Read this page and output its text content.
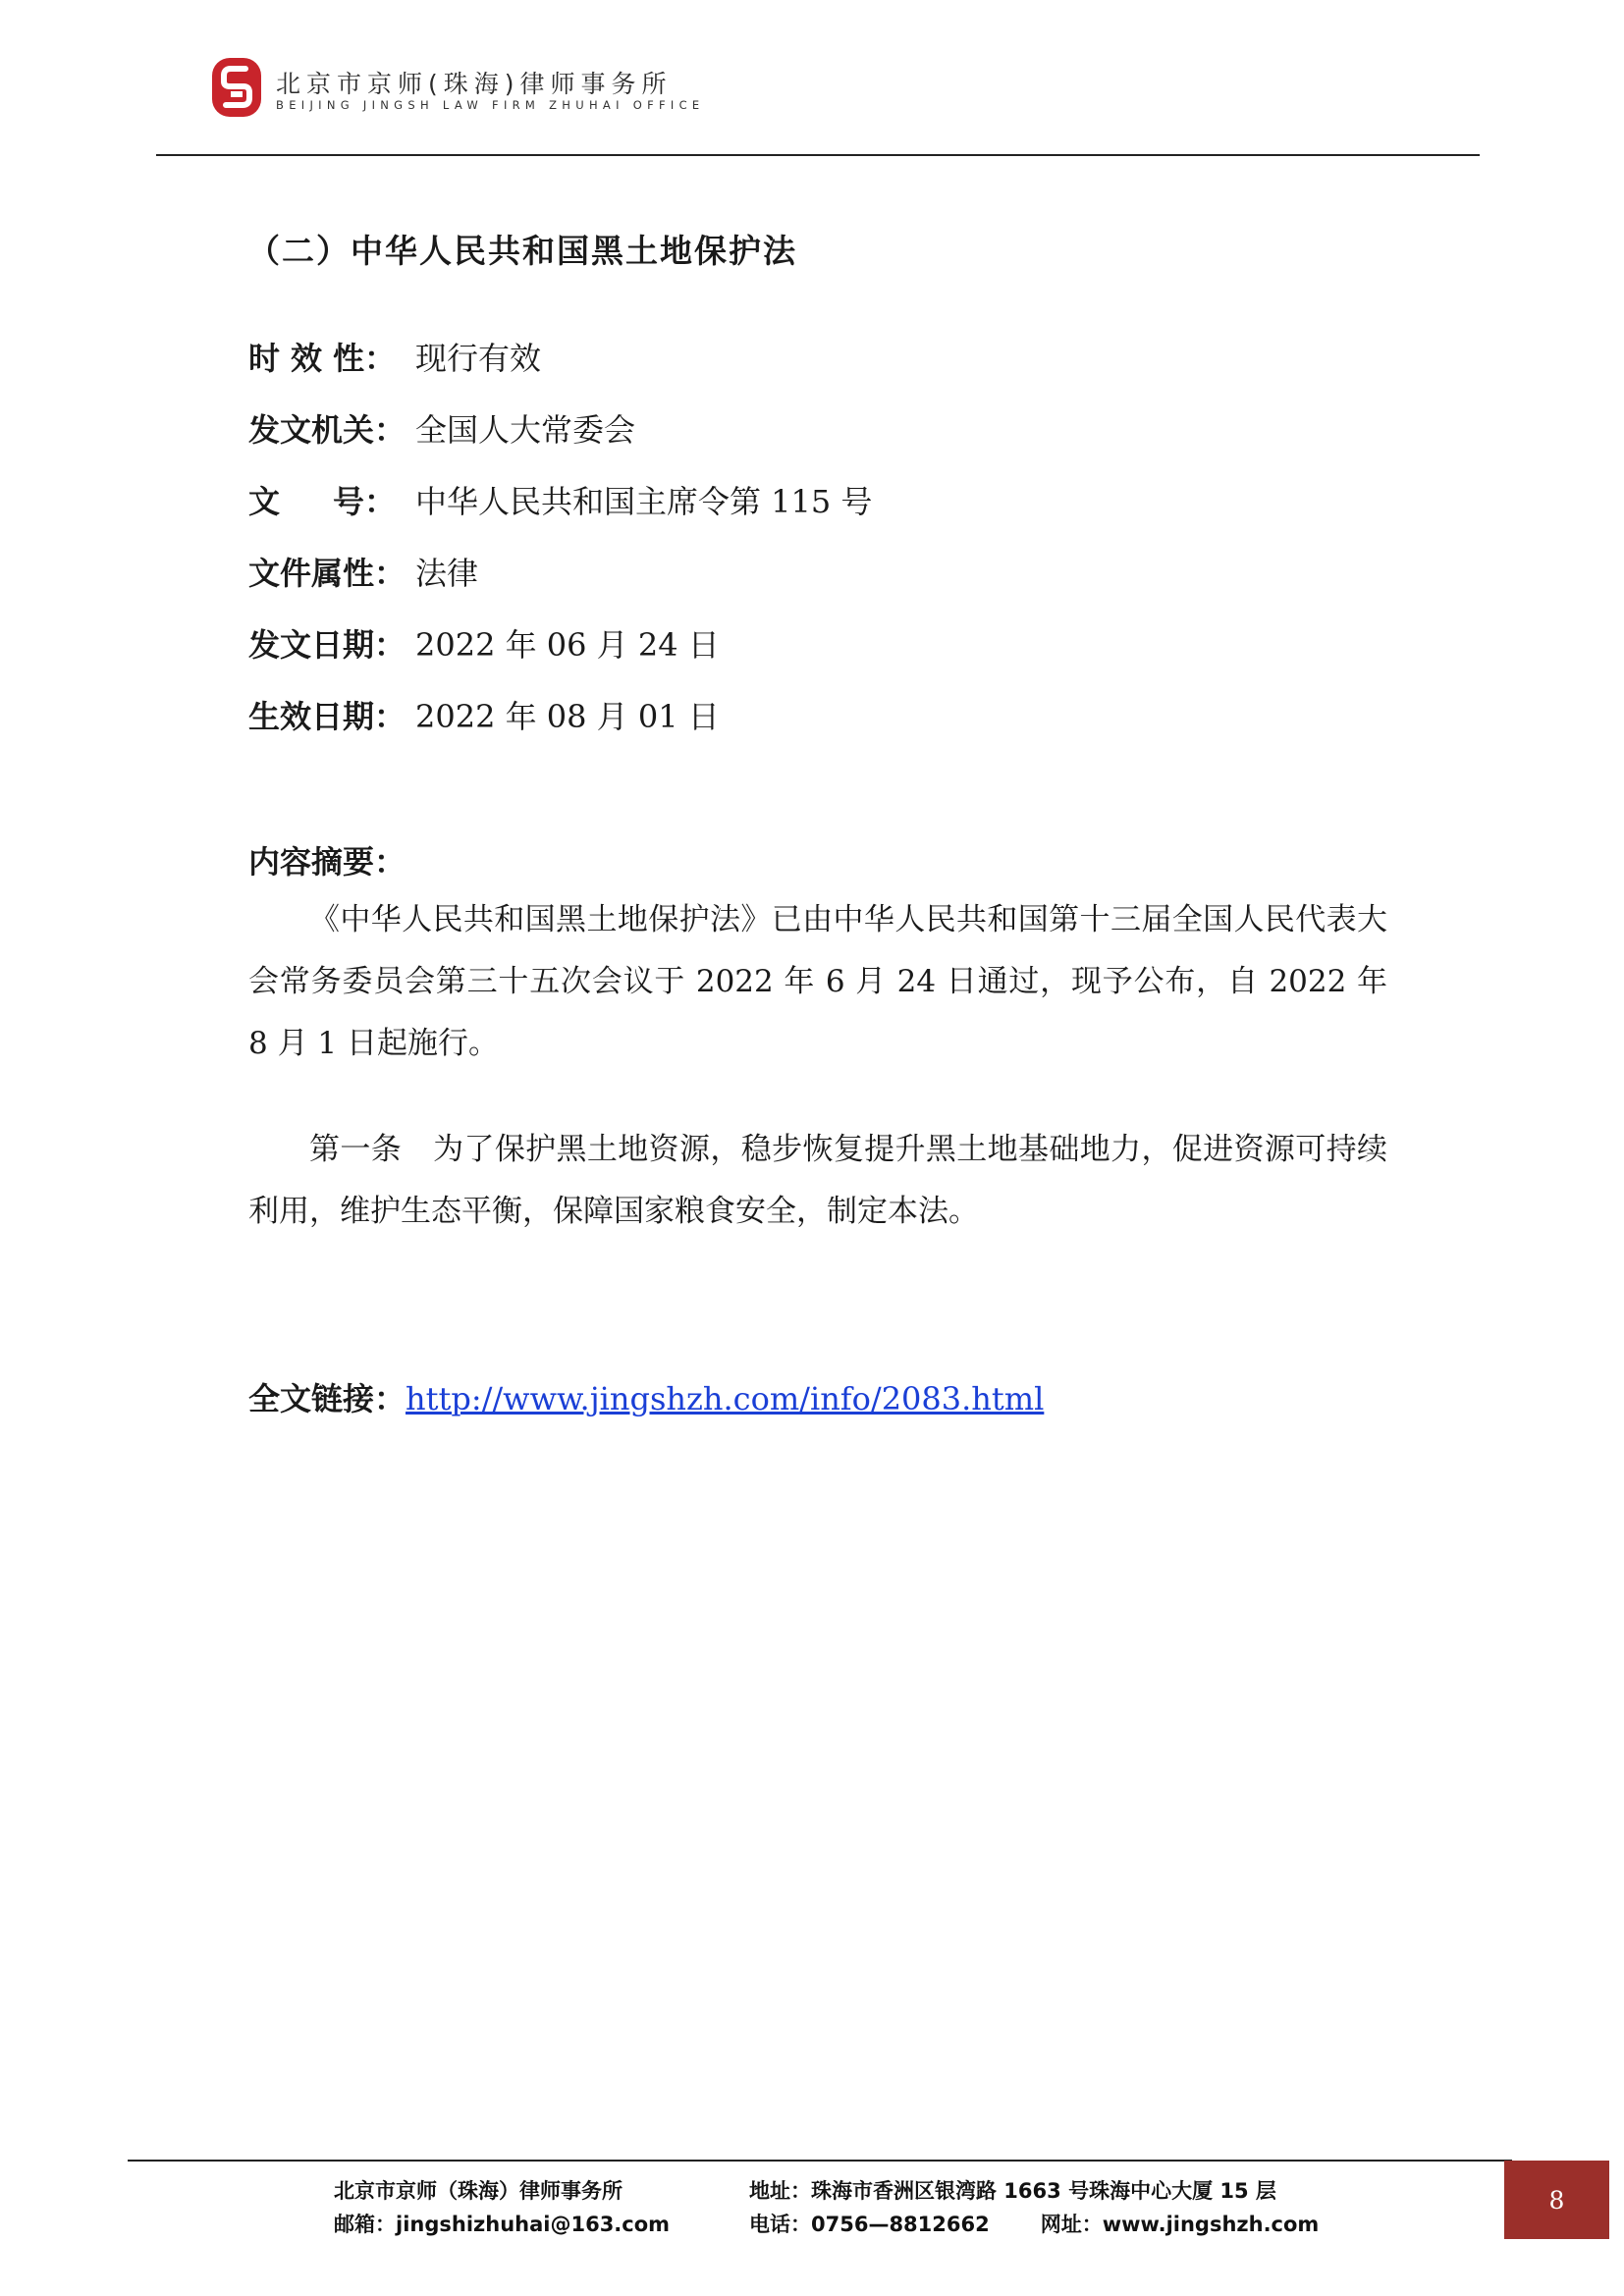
北京市京师(珠海)律师事务所
BEIJING JINGSH LAW FIRM ZHUHAI OFFICE
（二）中华人民共和国黑土地保护法
时 效 性： 现行有效
发文机关： 全国人大常委会
文 号： 中华人民共和国主席令第 115 号
文件属性： 法律
发文日期： 2022 年 06 月 24 日
生效日期： 2022 年 08 月 01 日
内容摘要：

《中华人民共和国黑土地保护法》已由中华人民共和国第十三届全国人民代表大会常务委员会第三十五次会议于 2022 年 6 月 24 日通过，现予公布，自 2022 年 8 月 1 日起施行。

第一条 为了保护黑土地资源，稳步恢复提升黑土地基础地力，促进资源可持续利用，维护生态平衡，保障国家粮食安全，制定本法。

全文链接：http://www.jingshzh.com/info/2083.html
北京市京师（珠海）律师事务所
邮箱：jingshizhuhai@163.com
地址：珠海市香洲区银湾路 1663 号珠海中心大厦 15 层
电话：0756—8812662 网址：www.jingshzh.com
8
